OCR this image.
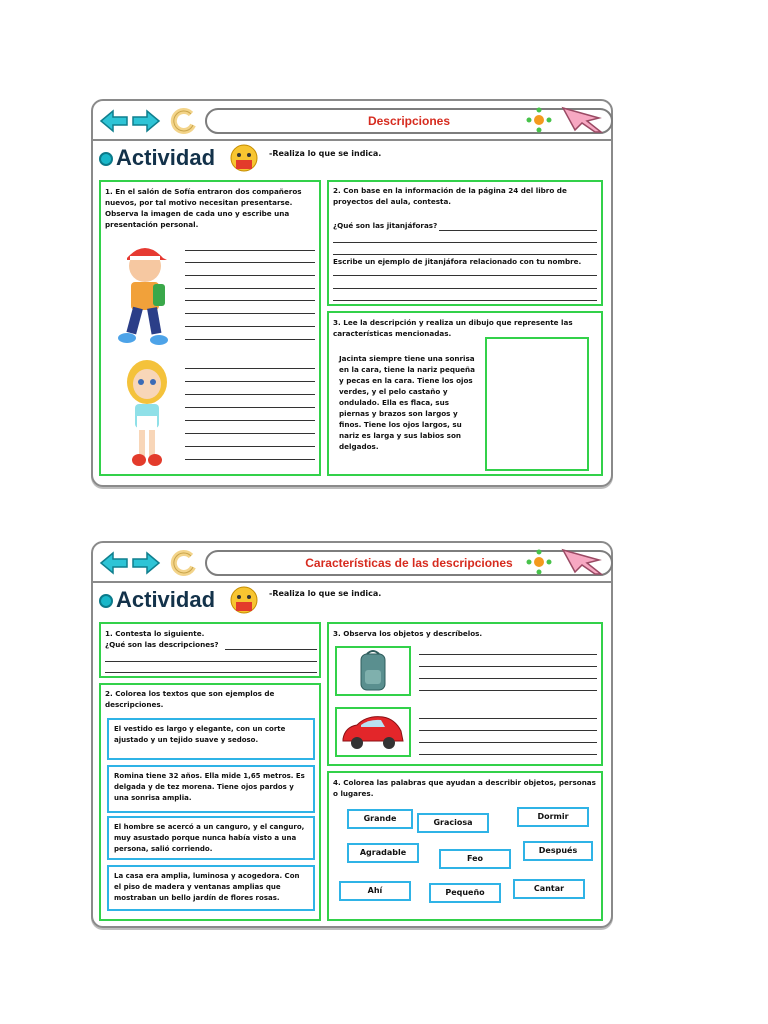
Descripciones
Actividad	-Realiza lo que se indica.
1. En el salón de Sofía entraron dos compañeros nuevos, por tal motivo necesitan presentarse. Observa la imagen de cada uno y escribe una presentación personal.
2. Con base en la información de la página 24 del libro de proyectos del aula, contesta.
¿Qué son las jitanjáforas?
Escribe un ejemplo de jitanjáfora relacionado con tu nombre.
3. Lee la descripción y realiza un dibujo que represente las características mencionadas.
Jacinta siempre tiene una sonrisa en la cara, tiene la nariz pequeña y pecas en la cara. Tiene los ojos verdes, y el pelo castaño y ondulado. Ella es flaca, sus piernas y brazos son largos y finos. Tiene los ojos largos, su nariz es larga y sus labios son delgados.
Características de las descripciones
Actividad	-Realiza lo que se indica.
1. Contesta lo siguiente.
¿Qué son las descripciones?
2. Colorea los textos que son ejemplos de descripciones.
El vestido es largo y elegante, con un corte ajustado y un tejido suave y sedoso.
Romina tiene 32 años. Ella mide 1,65 metros. Es delgada y de tez morena. Tiene ojos pardos y una sonrisa amplia.
El hombre se acercó a un canguro, y el canguro, muy asustado porque nunca había visto a una persona, salió corriendo.
La casa era amplia, luminosa y acogedora. Con el piso de madera y ventanas amplias que mostraban un bello jardín de flores rosas.
3. Observa los objetos y descríbelos.
4. Colorea las palabras que ayudan a describir objetos, personas o lugares.
Grande	Graciosa
Dormir
Agradable
Feo
Después
Ahí	Pequeño	Cantar
